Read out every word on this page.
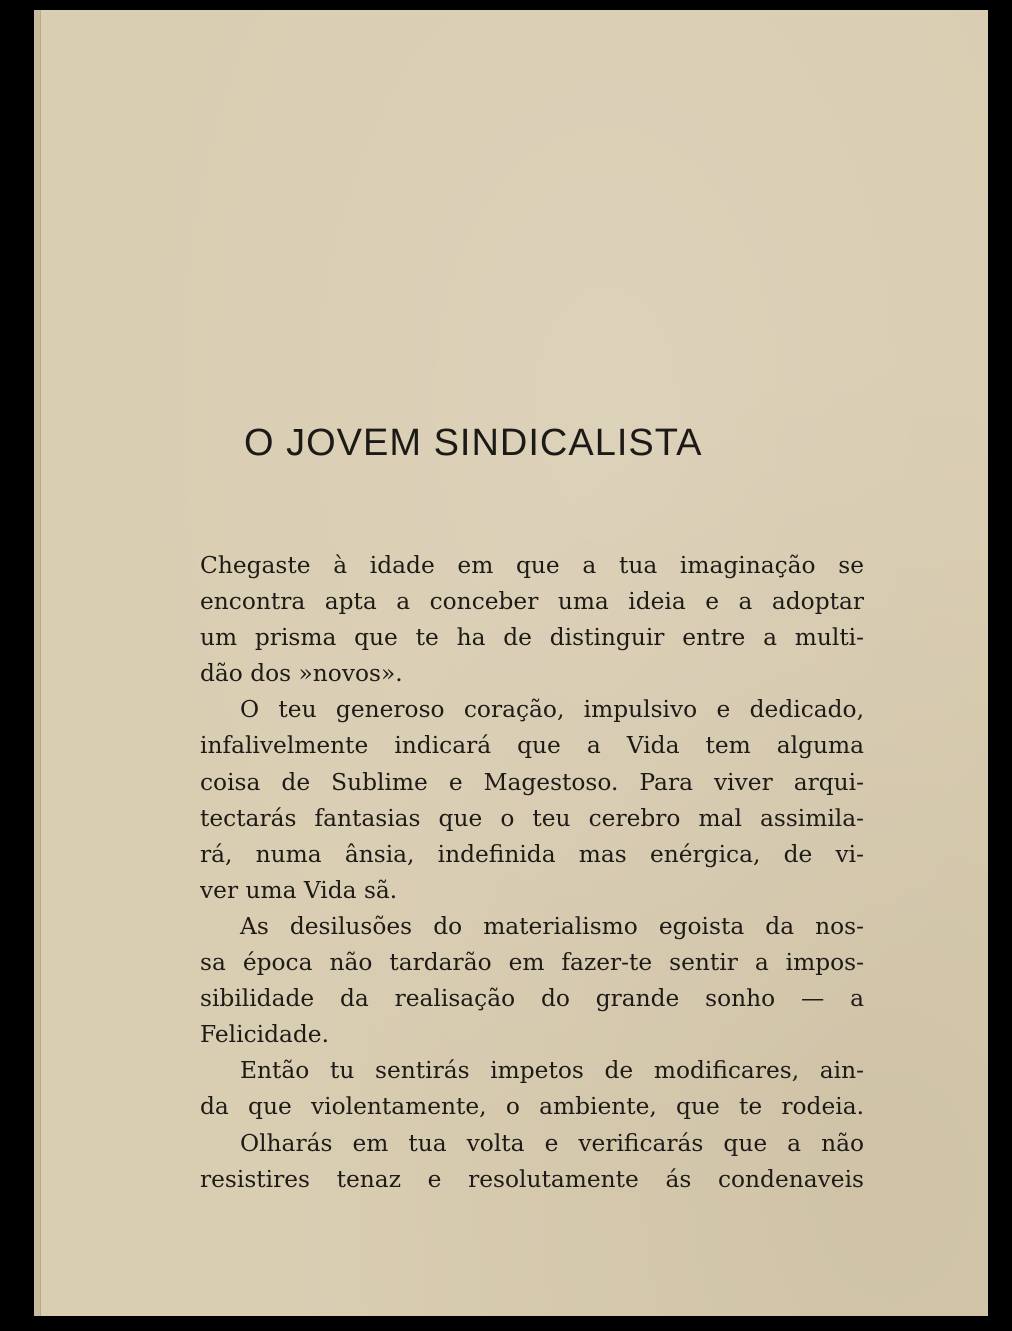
O JOVEM SINDICALISTA
Chegaste à idade em que a tua imaginação se
encontra apta a conceber uma ideia e a adoptar
um prisma que te ha de distinguir entre a multi-
dão dos »novos».
O teu generoso coração, impulsivo e dedicado,
infalivelmente indicará que a Vida tem alguma
coisa de Sublime e Magestoso. Para viver arqui-
tectarás fantasias que o teu cerebro mal assimila-
rá, numa ânsia, indefinida mas enérgica, de vi-
ver uma Vida sã.
As desilusões do materialismo egoista da nos-
sa época não tardarão em fazer-te sentir a impos-
sibilidade da realisação do grande sonho — a
Felicidade.
Então tu sentirás impetos de modificares, ain-
da que violentamente, o ambiente, que te rodeia.
Olharás em tua volta e verificarás que a não
resistires tenaz e resolutamente ás condenaveis
